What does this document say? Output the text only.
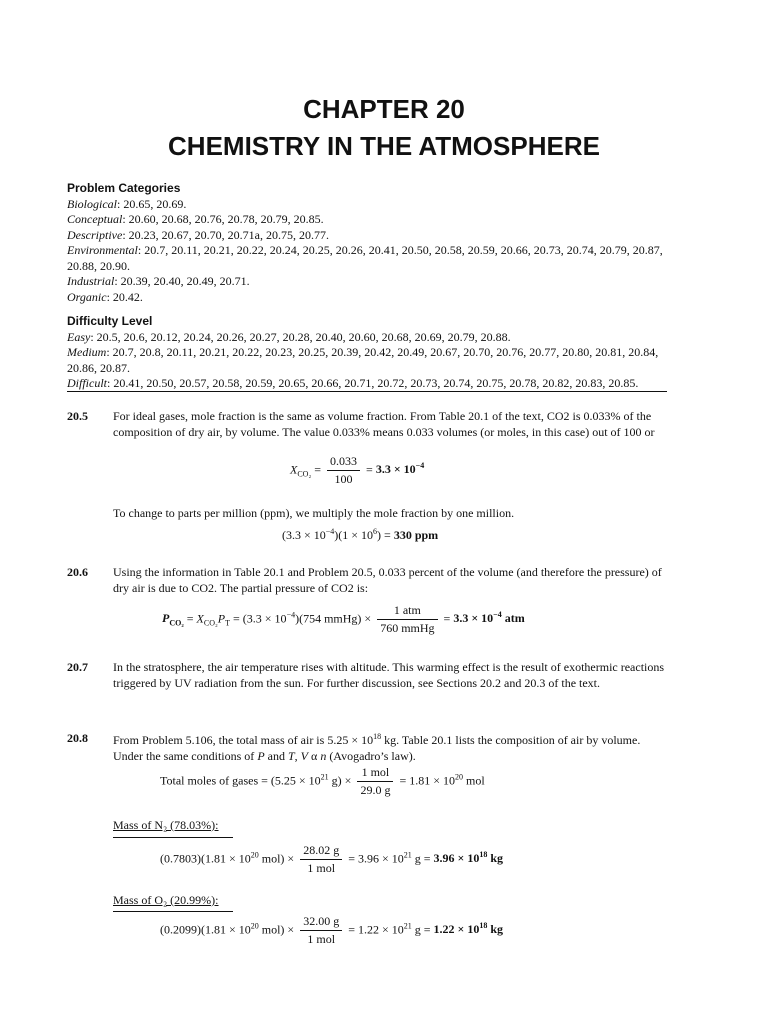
CHAPTER 20
CHEMISTRY IN THE ATMOSPHERE
Problem Categories
Biological: 20.65, 20.69.
Conceptual: 20.60, 20.68, 20.76, 20.78, 20.79, 20.85.
Descriptive: 20.23, 20.67, 20.70, 20.71a, 20.75, 20.77.
Environmental: 20.7, 20.11, 20.21, 20.22, 20.24, 20.25, 20.26, 20.41, 20.50, 20.58, 20.59, 20.66, 20.73, 20.74, 20.79, 20.87, 20.88, 20.90.
Industrial: 20.39, 20.40, 20.49, 20.71.
Organic: 20.42.
Difficulty Level
Easy: 20.5, 20.6, 20.12, 20.24, 20.26, 20.27, 20.28, 20.40, 20.60, 20.68, 20.69, 20.79, 20.88.
Medium: 20.7, 20.8, 20.11, 20.21, 20.22, 20.23, 20.25, 20.39, 20.42, 20.49, 20.67, 20.70, 20.76, 20.77, 20.80, 20.81, 20.84, 20.86, 20.87.
Difficult: 20.41, 20.50, 20.57, 20.58, 20.59, 20.65, 20.66, 20.71, 20.72, 20.73, 20.74, 20.75, 20.78, 20.82, 20.83, 20.85.
20.5 For ideal gases, mole fraction is the same as volume fraction. From Table 20.1 of the text, CO2 is 0.033% of the composition of dry air, by volume. The value 0.033% means 0.033 volumes (or moles, in this case) out of 100 or
$X_{CO_2} = \frac{0.033}{100} = 3.3 \times 10^{-4}$
To change to parts per million (ppm), we multiply the mole fraction by one million.
$(3.3 \times 10^{-4})(1 \times 10^6) = 330$ ppm
20.6 Using the information in Table 20.1 and Problem 20.5, 0.033 percent of the volume (and therefore the pressure) of dry air is due to CO2. The partial pressure of CO2 is:
$P_{CO_2} = X_{CO_2}P_T = (3.3 \times 10^{-4})(754$ mmHg) × $\frac{\text{1 atm}}{\text{760 mmHg}} = 3.3 \times 10^{-4}$ atm
20.7 In the stratosphere, the air temperature rises with altitude. This warming effect is the result of exothermic reactions triggered by UV radiation from the sun. For further discussion, see Sections 20.2 and 20.3 of the text.
20.8 From Problem 5.106, the total mass of air is $5.25 \times 10^{18}$ kg. Table 20.1 lists the composition of air by volume. Under the same conditions of P and T, V α n (Avogadro’s law).
Total moles of gases = ($5.25 \times 10^{21}$ $g) \times \frac{\text{1 mol}}{29.0 g} = 1.81 \times 10^{20}$ mol
Mass of N₂ (78.03%):
$(0.7803)(1.81 \times 10^{20}$ $mol) \times \frac{28.02 g}{\text{1 mol}} = 3.96 \times 10^{21}$ $g = 3.96 \times 10^{18}$ kg
Mass of O₂ (20.99%):
$(0.2099)(1.81 \times 10^{20}$ $mol) \times \frac{32.00 g}{\text{1 mol}} = 1.22 \times 10^{21}$ $g = 1.22 \times 10^{18}$ kg
